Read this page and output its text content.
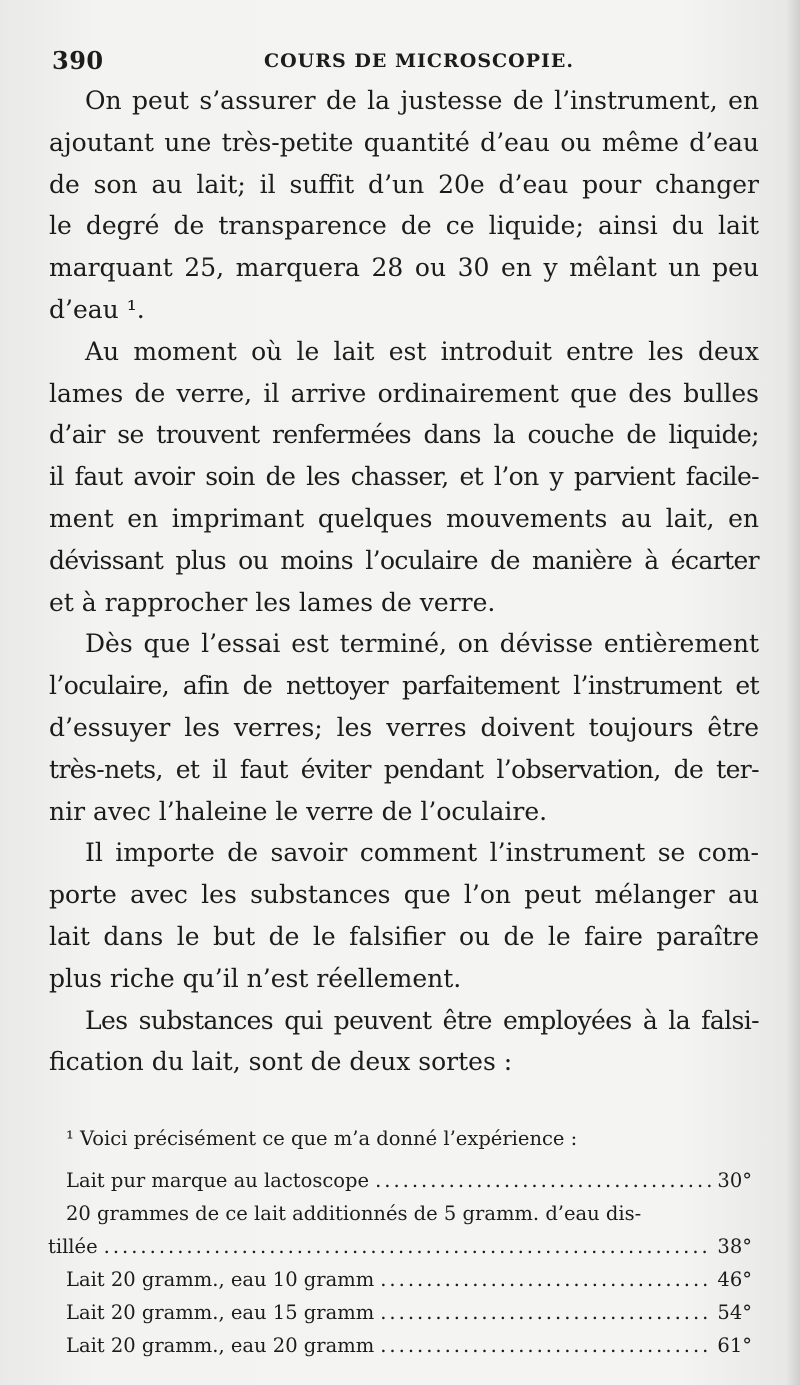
390	COURS DE MICROSCOPIE.
On peut s’assurer de la justesse de l’instrument, en
ajoutant une très-petite quantité d’eau ou même d’eau
de son au lait; il suffit d’un 20e d’eau pour changer
le degré de transparence de ce liquide; ainsi du lait
marquant 25, marquera 28 ou 30 en y mêlant un peu
d’eau ¹.
Au moment où le lait est introduit entre les deux
lames de verre, il arrive ordinairement que des bulles
d’air se trouvent renfermées dans la couche de liquide;
il faut avoir soin de les chasser, et l’on y parvient facile-
ment en imprimant quelques mouvements au lait, en
dévissant plus ou moins l’oculaire de manière à écarter
et à rapprocher les lames de verre.
Dès que l’essai est terminé, on dévisse entièrement
l’oculaire, afin de nettoyer parfaitement l’instrument et
d’essuyer les verres; les verres doivent toujours être
très-nets, et il faut éviter pendant l’observation, de ter-
nir avec l’haleine le verre de l’oculaire.
Il importe de savoir comment l’instrument se com-
porte avec les substances que l’on peut mélanger au
lait dans le but de le falsifier ou de le faire paraître
plus riche qu’il n’est réellement.
Les substances qui peuvent être employées à la falsi-
fication du lait, sont de deux sortes :
¹ Voici précisément ce que m’a donné l’expérience :
Lait pur marque au lactoscope .....	30°
20 grammes de ce lait additionnés de 5 gramm. d’eau dis-
tillée .....	38°
Lait 20 gramm., eau 10 gramm .....	46°
Lait 20 gramm., eau 15 gramm .....	54°
Lait 20 gramm., eau 20 gramm .....	61°
